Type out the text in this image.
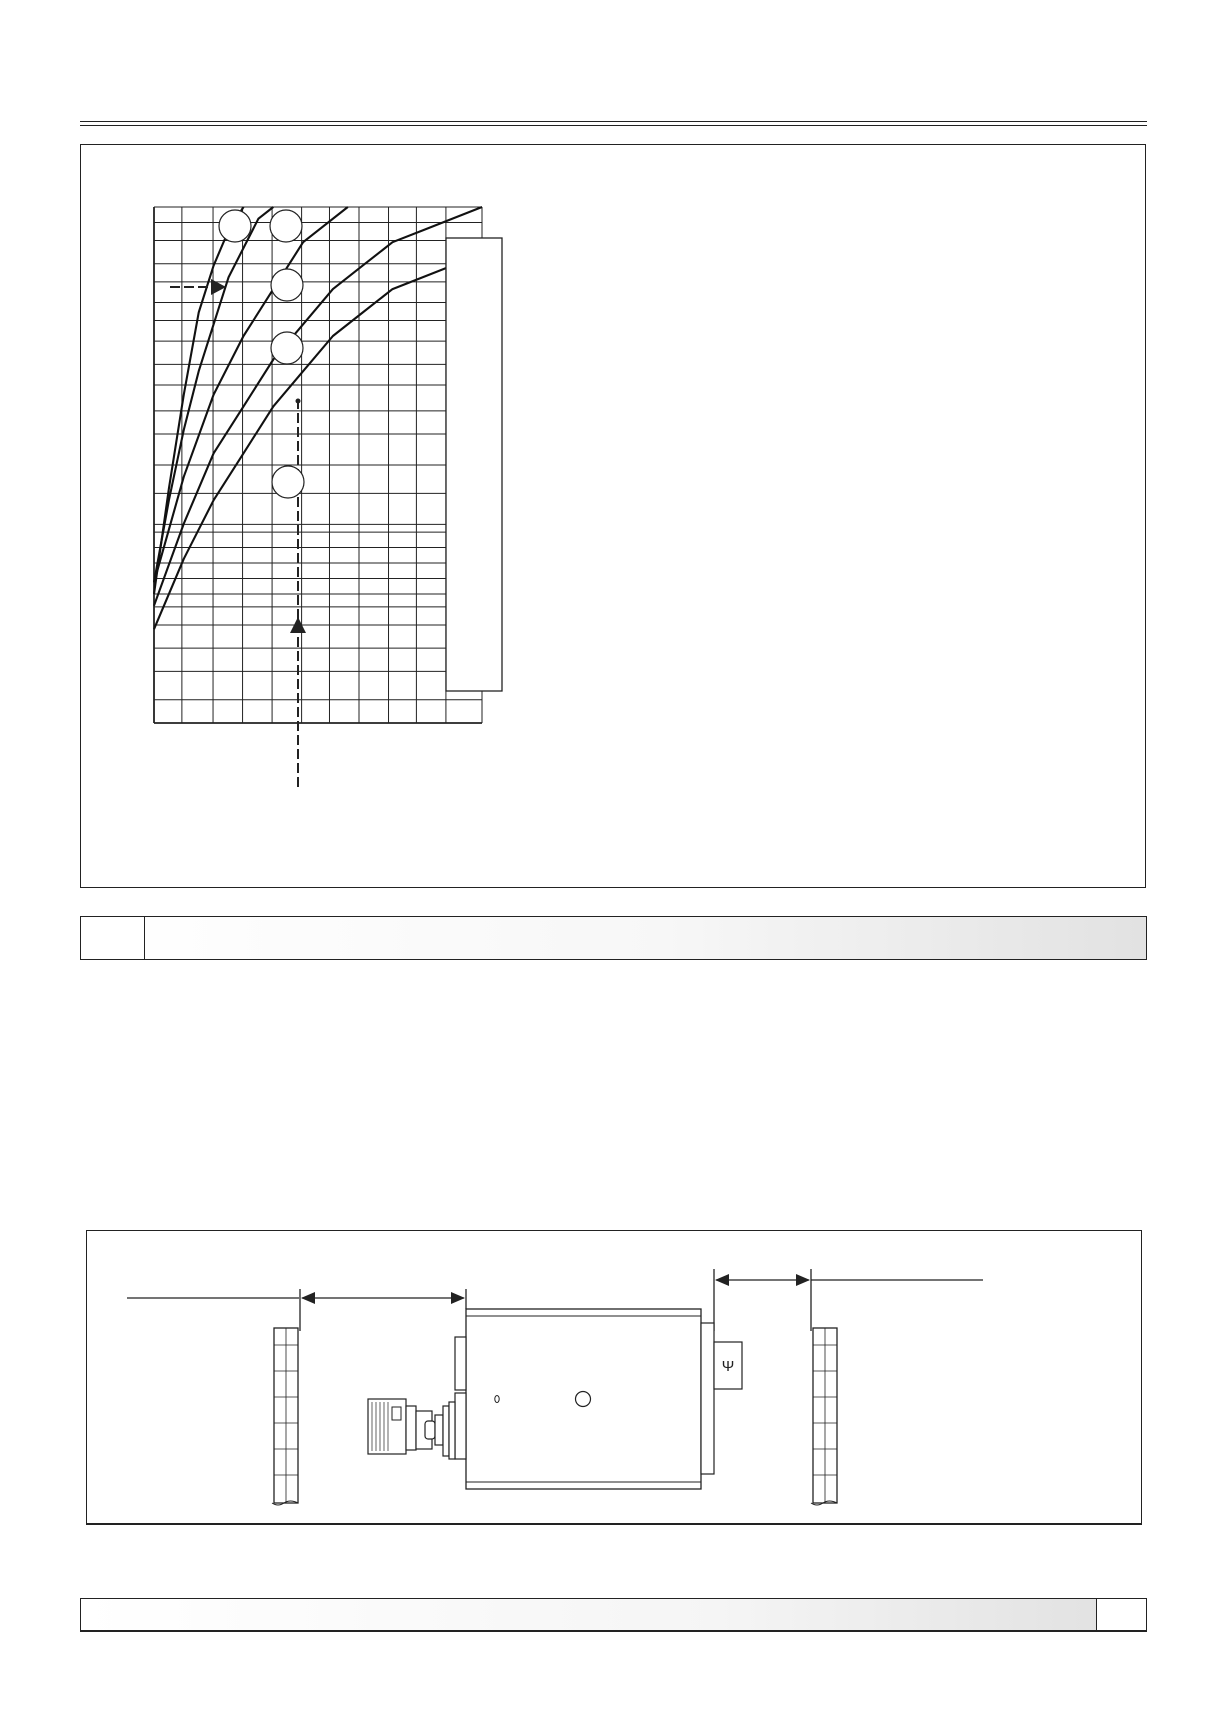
Ψ
